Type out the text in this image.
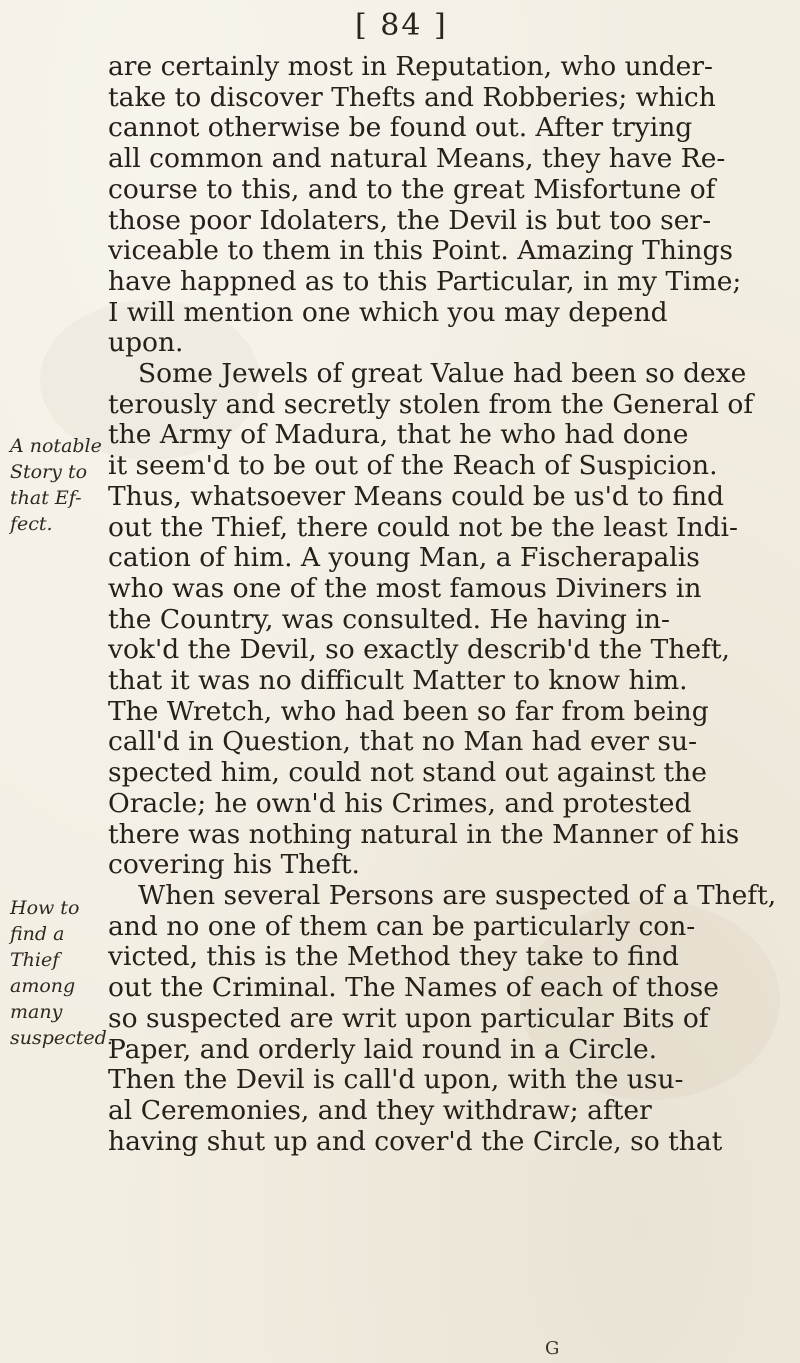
[ 84 ]
A notable
Story to
that Ef-
fect.
How to
find a
Thief
among
many
suspected.
are certainly most in Reputation, who under-
take to discover Thefts and Robberies; which
cannot otherwise be found out. After trying
all common and natural Means, they have Re-
course to this, and to the great Misfortune of
those poor Idolaters, the Devil is but too ser-
viceable to them in this Point. Amazing Things
have happned as to this Particular, in my Time;
I will mention one which you may depend
upon.
Some Jewels of great Value had been so dexe
terously and secretly stolen from the General of
the Army of Madura, that he who had done
it seem'd to be out of the Reach of Suspicion.
Thus, whatsoever Means could be us'd to find
out the Thief, there could not be the least Indi-
cation of him. A young Man, a Fischerapalis
who was one of the most famous Diviners in
the Country, was consulted. He having in-
vok'd the Devil, so exactly describ'd the Theft,
that it was no difficult Matter to know him.
The Wretch, who had been so far from being
call'd in Question, that no Man had ever su-
spected him, could not stand out against the
Oracle; he own'd his Crimes, and protested
there was nothing natural in the Manner of his
covering his Theft.
When several Persons are suspected of a Theft,
and no one of them can be particularly con-
victed, this is the Method they take to find
out the Criminal. The Names of each of those
so suspected are writ upon particular Bits of
Paper, and orderly laid round in a Circle.
Then the Devil is call'd upon, with the usu-
al Ceremonies, and they withdraw; after
having shut up and cover'd the Circle, so that
G
